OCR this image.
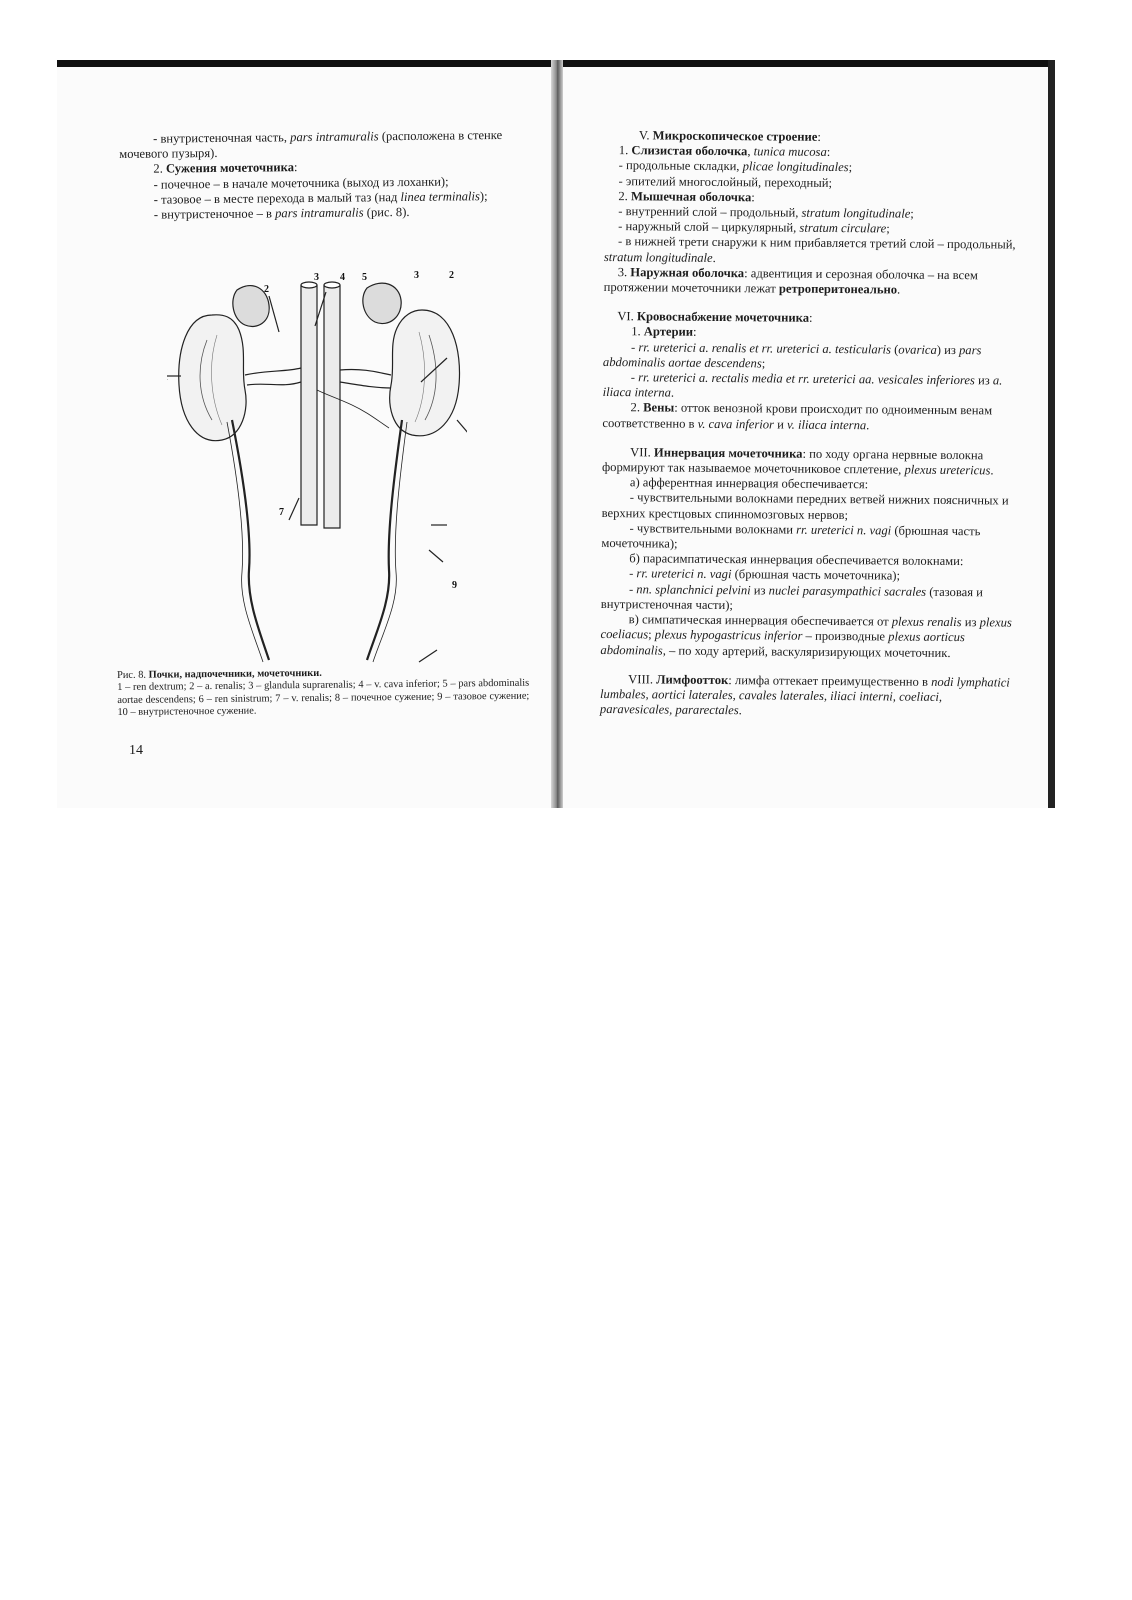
- внутристеночная часть, pars intramuralis (расположена в стенке
мочевого пузыря).
2. Сужения мочеточника:
- почечное – в начале мочеточника (выход из лоханки);
- тазовое – в месте перехода в малый таз (над linea terminalis);
- внутристеночное – в pars intramuralis (рис. 8).
2
3 4 5	3	2
7
9
Рис. 8. Почки, надпочечники, мочеточники.
1 – ren dextrum; 2 – a. renalis; 3 – glandula suprarenalis; 4 – v. cava inferior; 5 – pars abdominalis aortae descendens; 6 – ren sinistrum; 7 – v. renalis; 8 – почечное сужение; 9 – тазовое сужение; 10 – внутристеночное сужение.
14
V. Микроскопическое строение:
1. Слизистая оболочка, tunica mucosa:
- продольные складки, plicae longitudinales;
- эпителий многослойный, переходный;
2. Мышечная оболочка:
- внутренний слой – продольный, stratum longitudinale;
- наружный слой – циркулярный, stratum circulare;
- в нижней трети снаружи к ним прибавляется третий слой – продольный,
stratum longitudinale.
3. Наружная оболочка: адвентиция и серозная оболочка – на всем
протяжении мочеточники лежат ретроперитонеально.
VI. Кровоснабжение мочеточника:
1. Артерии:
- rr. ureterici a. renalis et rr. ureterici a. testicularis (ovarica) из pars
abdominalis aortae descendens;
- rr. ureterici a. rectalis media et rr. ureterici aa. vesicales inferiores из a.
iliaca interna.
2. Вены: отток венозной крови происходит по одноименным венам
соответственно в v. cava inferior и v. iliaca interna.
VII. Иннервация мочеточника: по ходу органа нервные волокна
формируют так называемое мочеточниковое сплетение, plexus uretericus.
а) афферентная иннервация обеспечивается:
- чувствительными волокнами передних ветвей нижних поясничных и
верхних крестцовых спинномозговых нервов;
- чувствительными волокнами rr. ureterici n. vagi (брюшная часть
мочеточника);
б) парасимпатическая иннервация обеспечивается волокнами:
- rr. ureterici n. vagi (брюшная часть мочеточника);
- nn. splanchnici pelvini из nuclei parasympathici sacrales (тазовая и
внутристеночная части);
в) симпатическая иннервация обеспечивается от plexus renalis из plexus
coeliacus; plexus hypogastricus inferior – производные plexus aorticus
abdominalis, – по ходу артерий, васкуляризирующих мочеточник.
VIII. Лимфоотток: лимфа оттекает преимущественно в nodi lymphatici
lumbales, aortici laterales, cavales laterales, iliaci interni, coeliaci,
paravesicales, pararectales.
